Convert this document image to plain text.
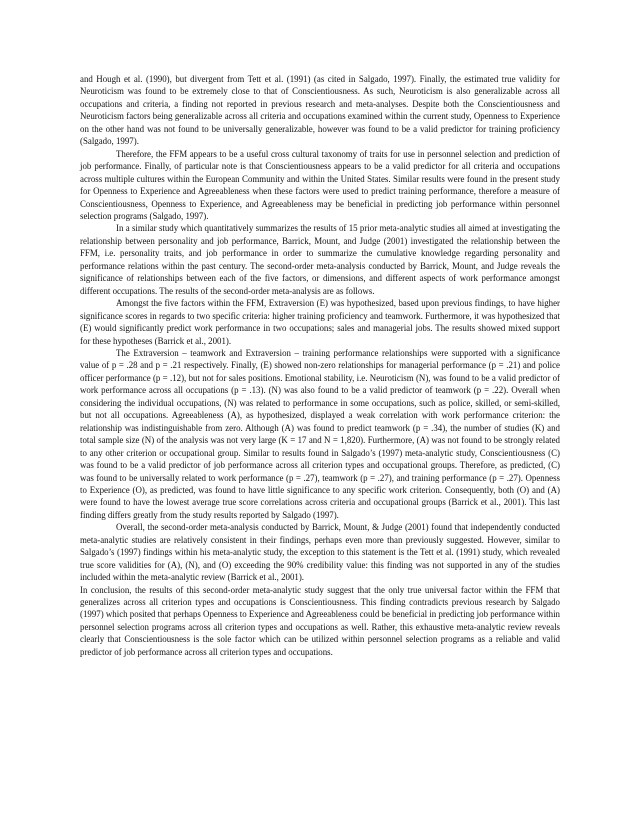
and Hough et al. (1990), but divergent from Tett et al. (1991) (as cited in Salgado, 1997). Finally, the estimated true validity for Neuroticism was found to be extremely close to that of Conscientiousness. As such, Neuroticism is also generalizable across all occupations and criteria, a finding not reported in previous research and meta-analyses. Despite both the Conscientiousness and Neuroticism factors being generalizable across all criteria and occupations examined within the current study, Openness to Experience on the other hand was not found to be universally generalizable, however was found to be a valid predictor for training proficiency (Salgado, 1997).

Therefore, the FFM appears to be a useful cross cultural taxonomy of traits for use in personnel selection and prediction of job performance. Finally, of particular note is that Conscientiousness appears to be a valid predictor for all criteria and occupations across multiple cultures within the European Community and within the United States. Similar results were found in the present study for Openness to Experience and Agreeableness when these factors were used to predict training performance, therefore a measure of Conscientiousness, Openness to Experience, and Agreeableness may be beneficial in predicting job performance within personnel selection programs (Salgado, 1997).

In a similar study which quantitatively summarizes the results of 15 prior meta-analytic studies all aimed at investigating the relationship between personality and job performance, Barrick, Mount, and Judge (2001) investigated the relationship between the FFM, i.e. personality traits, and job performance in order to summarize the cumulative knowledge regarding personality and performance relations within the past century. The second-order meta-analysis conducted by Barrick, Mount, and Judge reveals the significance of relationships between each of the five factors, or dimensions, and different aspects of work performance amongst different occupations. The results of the second-order meta-analysis are as follows.

Amongst the five factors within the FFM, Extraversion (E) was hypothesized, based upon previous findings, to have higher significance scores in regards to two specific criteria: higher training proficiency and teamwork. Furthermore, it was hypothesized that (E) would significantly predict work performance in two occupations; sales and managerial jobs. The results showed mixed support for these hypotheses (Barrick et al., 2001).

The Extraversion – teamwork and Extraversion – training performance relationships were supported with a significance value of p = .28 and p = .21 respectively. Finally, (E) showed non-zero relationships for managerial performance (p = .21) and police officer performance (p = .12), but not for sales positions. Emotional stability, i.e. Neuroticism (N), was found to be a valid predictor of work performance across all occupations (p = .13). (N) was also found to be a valid predictor of teamwork (p = .22). Overall when considering the individual occupations, (N) was related to performance in some occupations, such as police, skilled, or semi-skilled, but not all occupations. Agreeableness (A), as hypothesized, displayed a weak correlation with work performance criterion: the relationship was indistinguishable from zero. Although (A) was found to predict teamwork (p = .34), the number of studies (K) and total sample size (N) of the analysis was not very large (K = 17 and N = 1,820). Furthermore, (A) was not found to be strongly related to any other criterion or occupational group. Similar to results found in Salgado’s (1997) meta-analytic study, Conscientiousness (C) was found to be a valid predictor of job performance across all criterion types and occupational groups. Therefore, as predicted, (C) was found to be universally related to work performance (p = .27), teamwork (p = .27), and training performance (p = .27). Openness to Experience (O), as predicted, was found to have little significance to any specific work criterion. Consequently, both (O) and (A) were found to have the lowest average true score correlations across criteria and occupational groups (Barrick et al., 2001). This last finding differs greatly from the study results reported by Salgado (1997).

Overall, the second-order meta-analysis conducted by Barrick, Mount, & Judge (2001) found that independently conducted meta-analytic studies are relatively consistent in their findings, perhaps even more than previously suggested. However, similar to Salgado’s (1997) findings within his meta-analytic study, the exception to this statement is the Tett et al. (1991) study, which revealed true score validities for (A), (N), and (O) exceeding the 90% credibility value: this finding was not supported in any of the studies included within the meta-analytic review (Barrick et al., 2001).

In conclusion, the results of this second-order meta-analytic study suggest that the only true universal factor within the FFM that generalizes across all criterion types and occupations is Conscientiousness. This finding contradicts previous research by Salgado (1997) which posited that perhaps Openness to Experience and Agreeableness could be beneficial in predicting job performance within personnel selection programs across all criterion types and occupations as well. Rather, this exhaustive meta-analytic review reveals clearly that Conscientiousness is the sole factor which can be utilized within personnel selection programs as a reliable and valid predictor of job performance across all criterion types and occupations.
